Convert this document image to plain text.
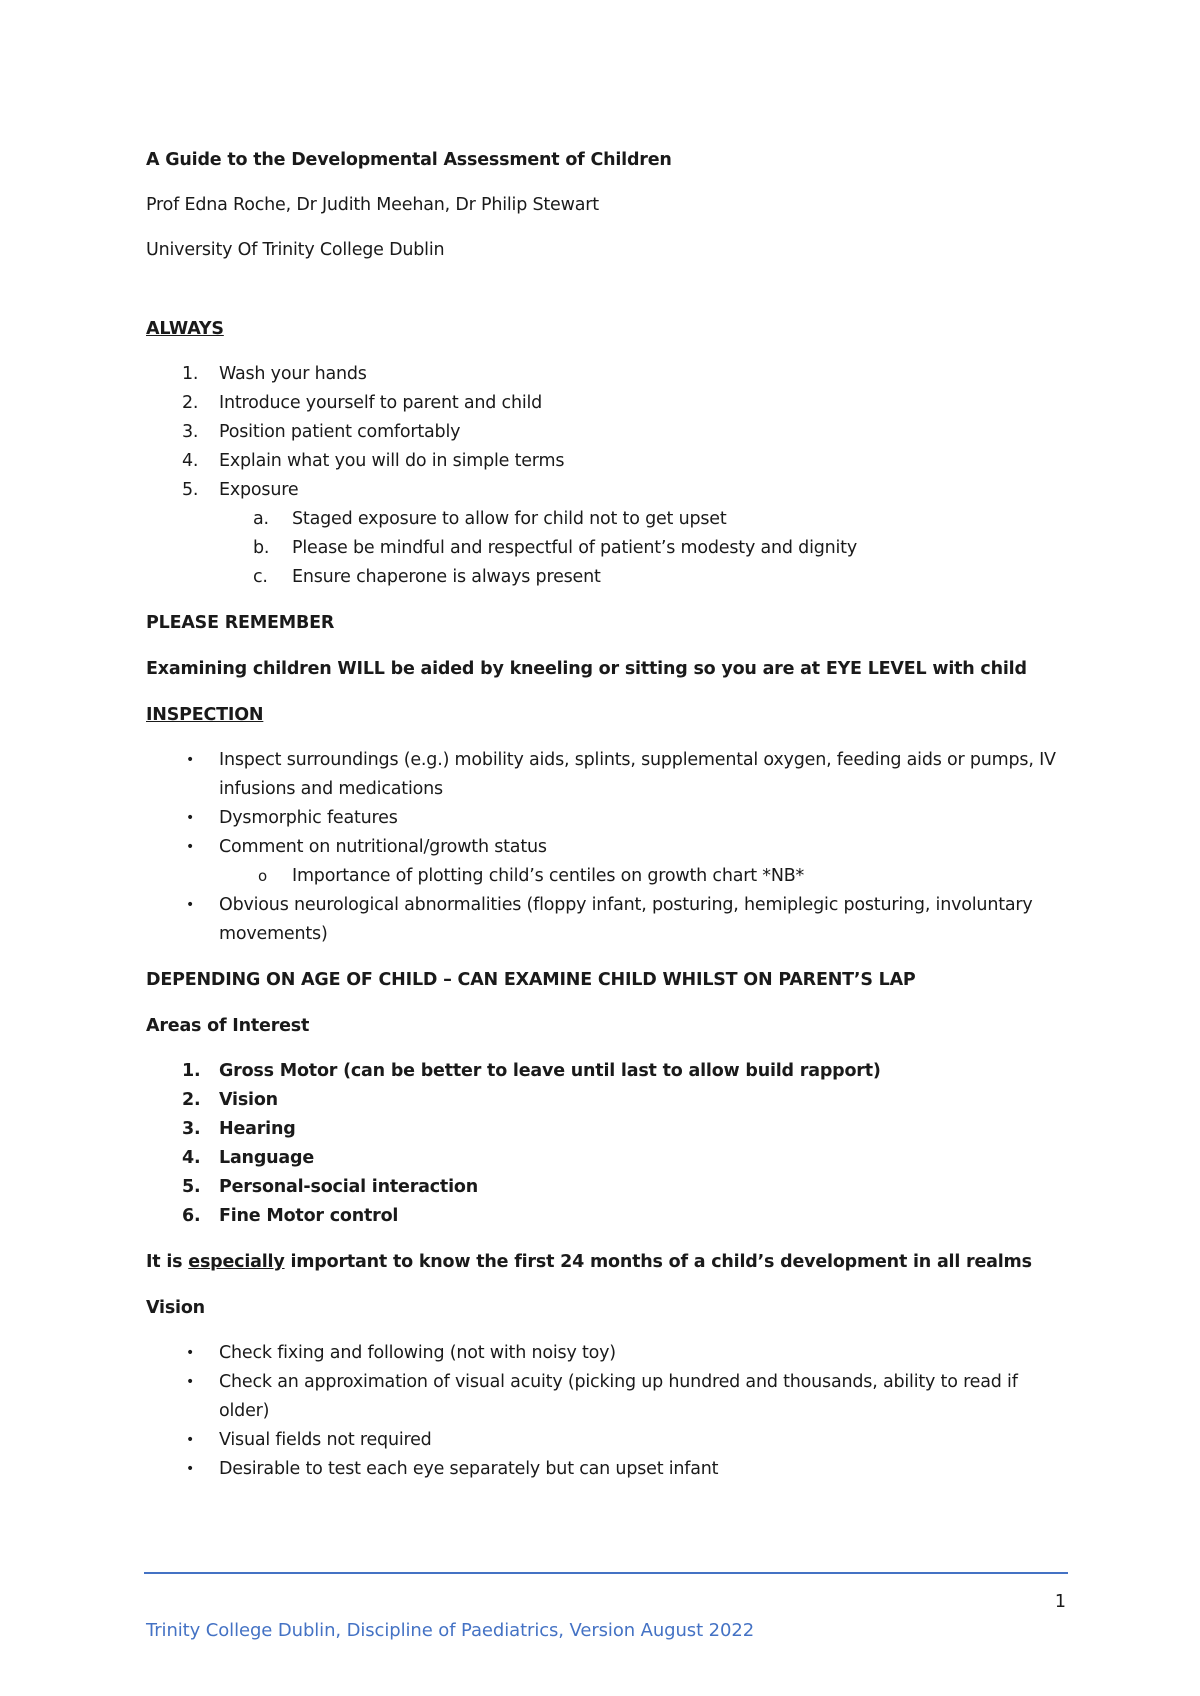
A Guide to the Developmental Assessment of Children

Prof Edna Roche, Dr Judith Meehan, Dr Philip Stewart

University Of Trinity College Dublin

ALWAYS

1. Wash your hands
2. Introduce yourself to parent and child
3. Position patient comfortably
4. Explain what you will do in simple terms
5. Exposure
a. Staged exposure to allow for child not to get upset
b. Please be mindful and respectful of patient’s modesty and dignity
c. Ensure chaperone is always present

PLEASE REMEMBER

Examining children WILL be aided by kneeling or sitting so you are at EYE LEVEL with child

INSPECTION

• Inspect surroundings (e.g.) mobility aids, splints, supplemental oxygen, feeding aids or pumps, IV infusions and medications
• Dysmorphic features
• Comment on nutritional/growth status
o Importance of plotting child’s centiles on growth chart *NB*
• Obvious neurological abnormalities (floppy infant, posturing, hemiplegic posturing, involuntary movements)

DEPENDING ON AGE OF CHILD – CAN EXAMINE CHILD WHILST ON PARENT’S LAP

Areas of Interest

1. Gross Motor (can be better to leave until last to allow build rapport)
2. Vision
3. Hearing
4. Language
5. Personal-social interaction
6. Fine Motor control

It is especially important to know the first 24 months of a child’s development in all realms

Vision

• Check fixing and following (not with noisy toy)
• Check an approximation of visual acuity (picking up hundred and thousands, ability to read if older)
• Visual fields not required
• Desirable to test each eye separately but can upset infant
1
Trinity College Dublin, Discipline of Paediatrics, Version August 2022
